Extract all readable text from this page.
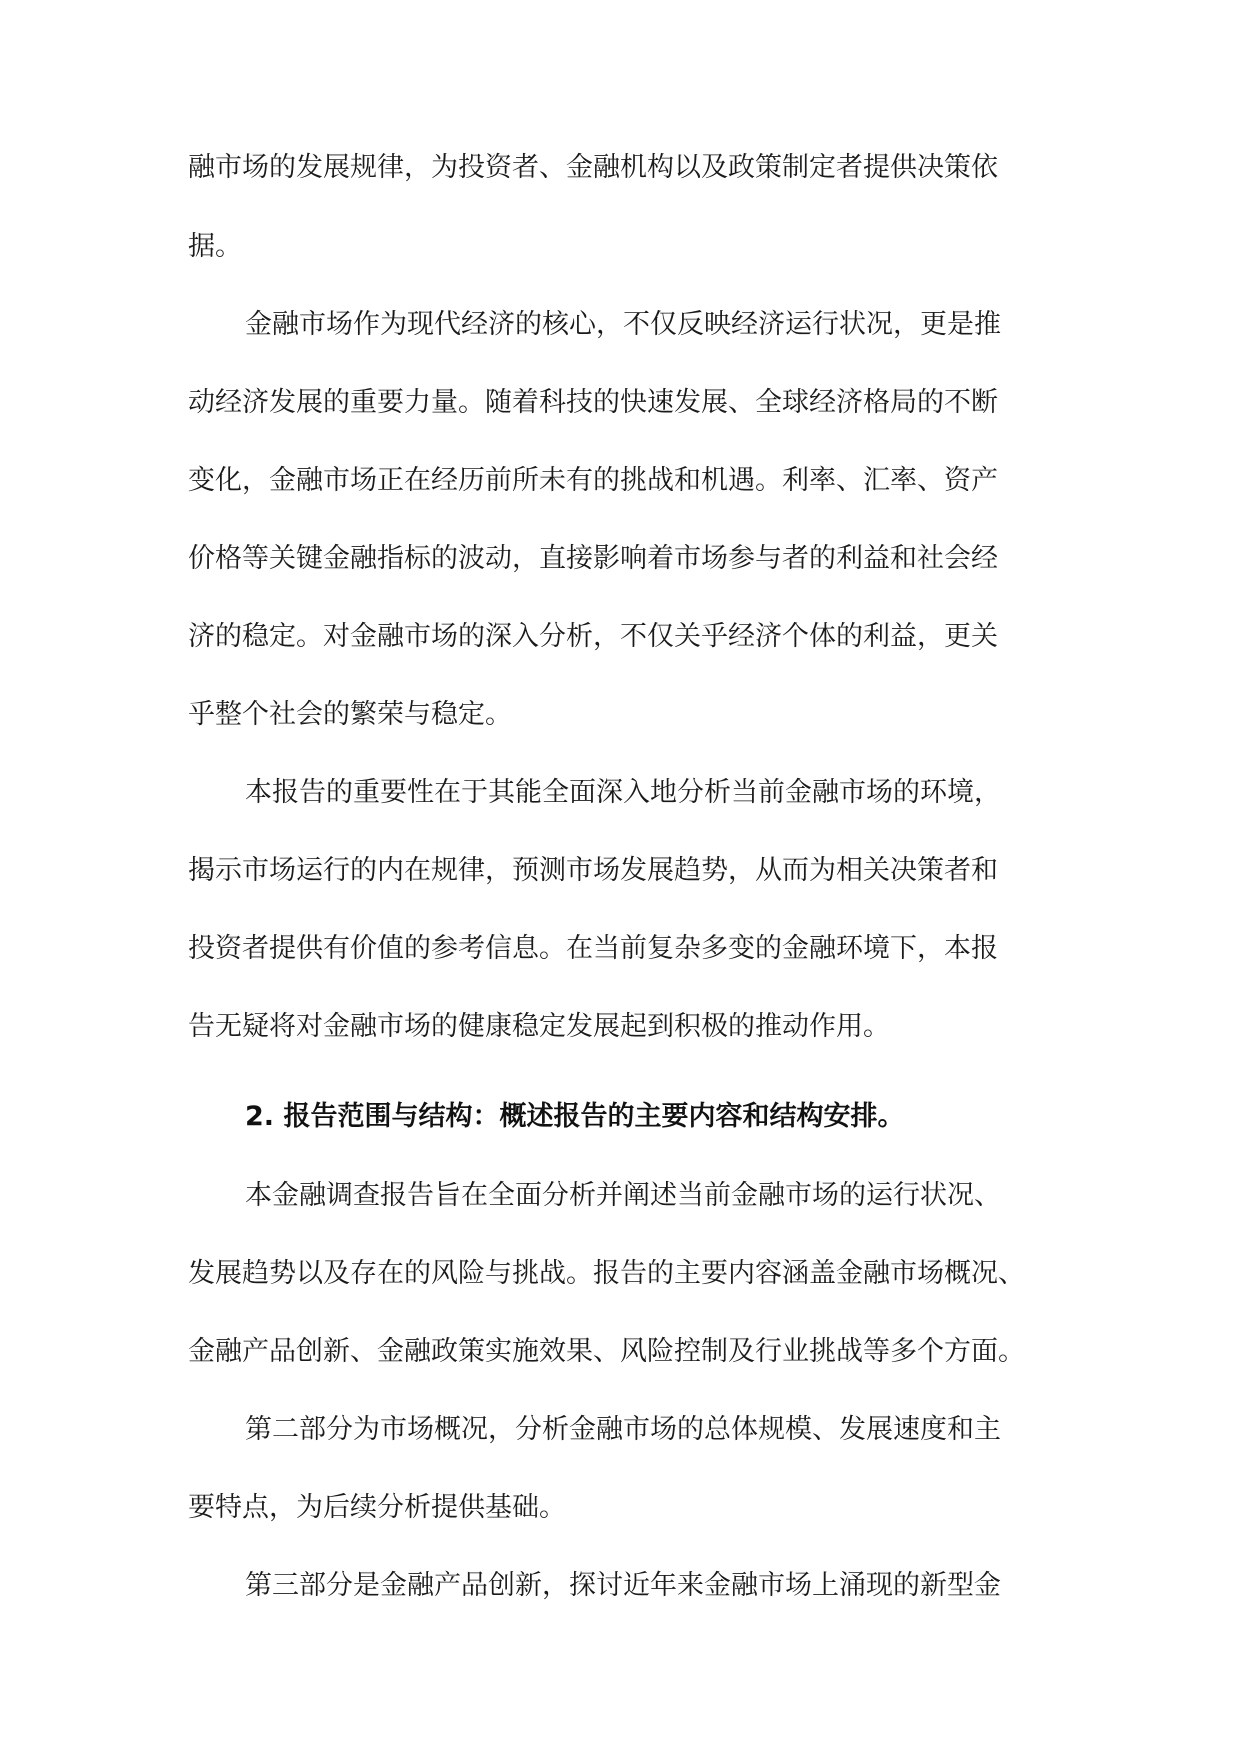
融市场的发展规律，为投资者、金融机构以及政策制定者提供决策依

据。

金融市场作为现代经济的核心，不仅反映经济运行状况，更是推

动经济发展的重要力量。随着科技的快速发展、全球经济格局的不断

变化，金融市场正在经历前所未有的挑战和机遇。利率、汇率、资产

价格等关键金融指标的波动，直接影响着市场参与者的利益和社会经

济的稳定。对金融市场的深入分析，不仅关乎经济个体的利益，更关

乎整个社会的繁荣与稳定。

本报告的重要性在于其能全面深入地分析当前金融市场的环境，

揭示市场运行的内在规律，预测市场发展趋势，从而为相关决策者和

投资者提供有价值的参考信息。在当前复杂多变的金融环境下，本报

告无疑将对金融市场的健康稳定发展起到积极的推动作用。

2. 报告范围与结构：概述报告的主要内容和结构安排。

本金融调查报告旨在全面分析并阐述当前金融市场的运行状况、

发展趋势以及存在的风险与挑战。报告的主要内容涵盖金融市场概况、

金融产品创新、金融政策实施效果、风险控制及行业挑战等多个方面。

第二部分为市场概况，分析金融市场的总体规模、发展速度和主

要特点，为后续分析提供基础。

第三部分是金融产品创新，探讨近年来金融市场上涌现的新型金
